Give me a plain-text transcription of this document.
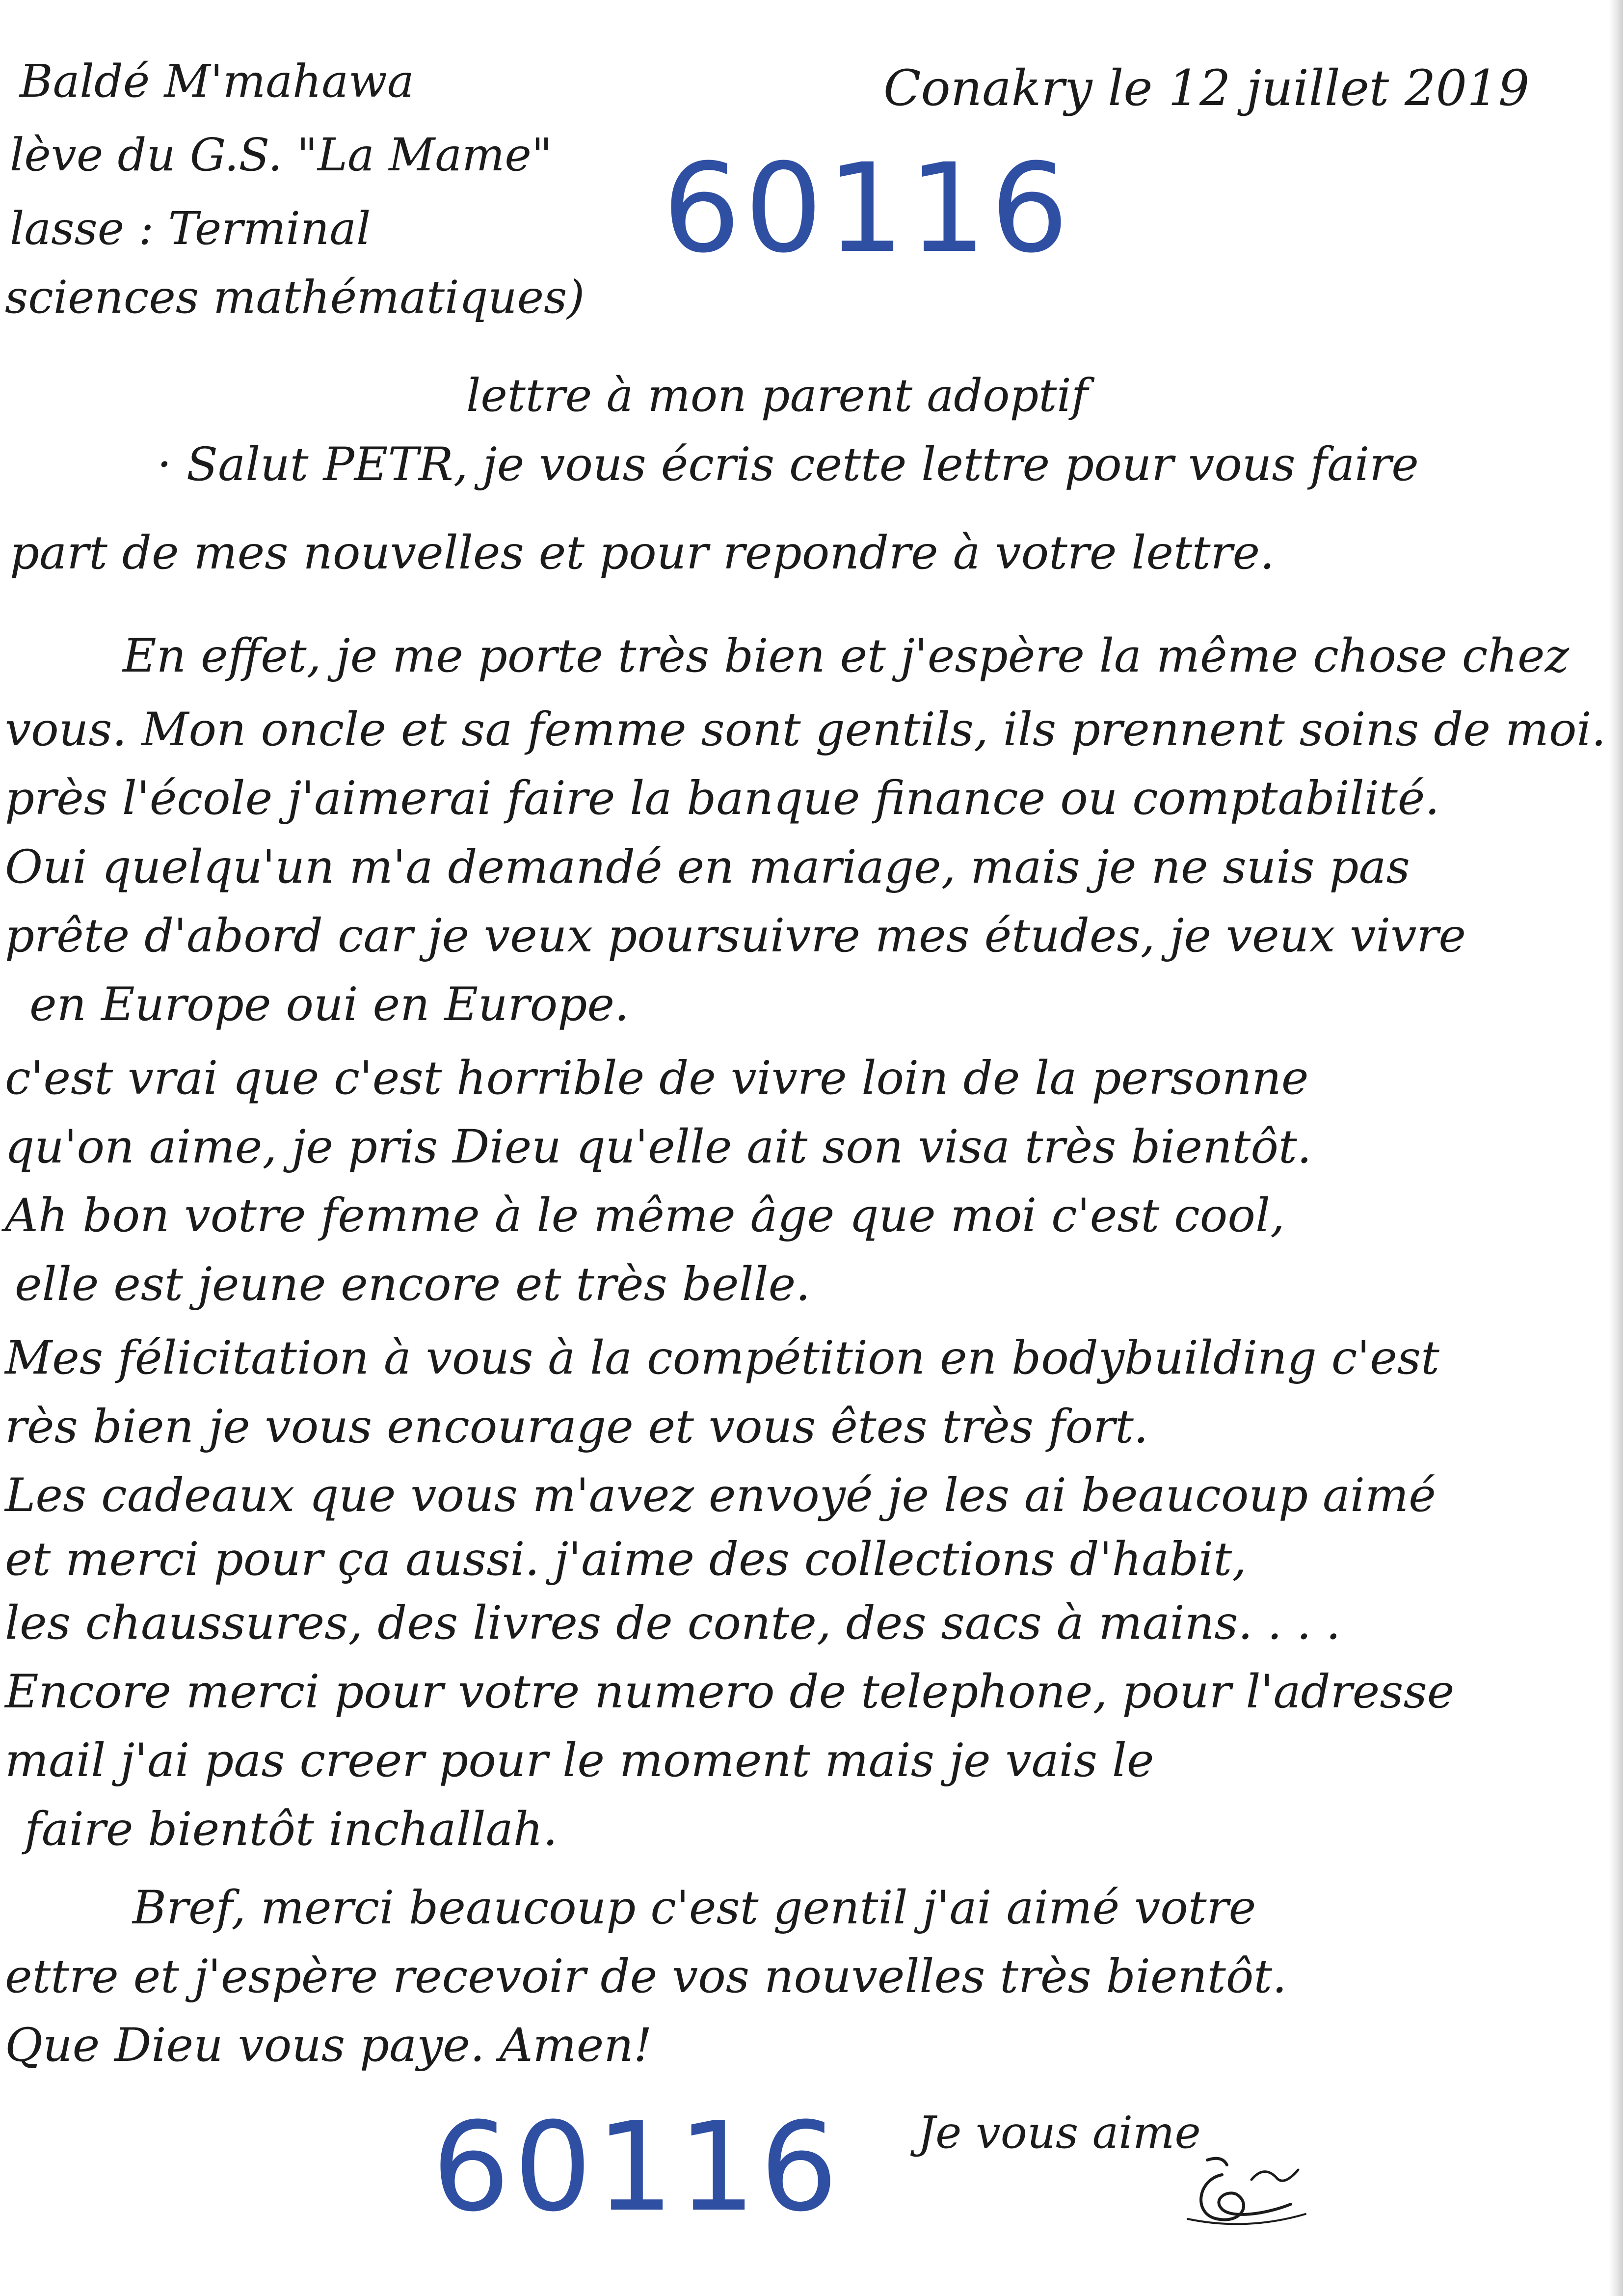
Baldé M'mahawa
lève du G.S. "La Mame"
lasse : Terminal
sciences mathématiques)
Conakry le 12 juillet 2019
60116
lettre à mon parent adoptif
· Salut PETR, je vous écris cette lettre pour vous faire
part de mes nouvelles et pour repondre à votre lettre.
En effet, je me porte très bien et j'espère la même chose chez
vous. Mon oncle et sa femme sont gentils, ils prennent soins de moi.
près l'école j'aimerai faire la banque finance ou comptabilité.
Oui quelqu'un m'a demandé en mariage, mais je ne suis pas
prête d'abord car je veux poursuivre mes études, je veux vivre
en Europe oui en Europe.
c'est vrai que c'est horrible de vivre loin de la personne
qu'on aime, je pris Dieu qu'elle ait son visa très bientôt.
Ah bon votre femme à le même âge que moi c'est cool,
elle est jeune encore et très belle.
Mes félicitation à vous à la compétition en bodybuilding c'est
rès bien je vous encourage et vous êtes très fort.
Les cadeaux que vous m'avez envoyé je les ai beaucoup aimé
et merci pour ça aussi. j'aime des collections d'habit,
les chaussures, des livres de conte, des sacs à mains. . . .
Encore merci pour votre numero de telephone, pour l'adresse
mail j'ai pas creer pour le moment mais je vais le
faire bientôt inchallah.
Bref, merci beaucoup c'est gentil j'ai aimé votre
ettre et j'espère recevoir de vos nouvelles très bientôt.
Que Dieu vous paye. Amen!
Je vous aime
60116
